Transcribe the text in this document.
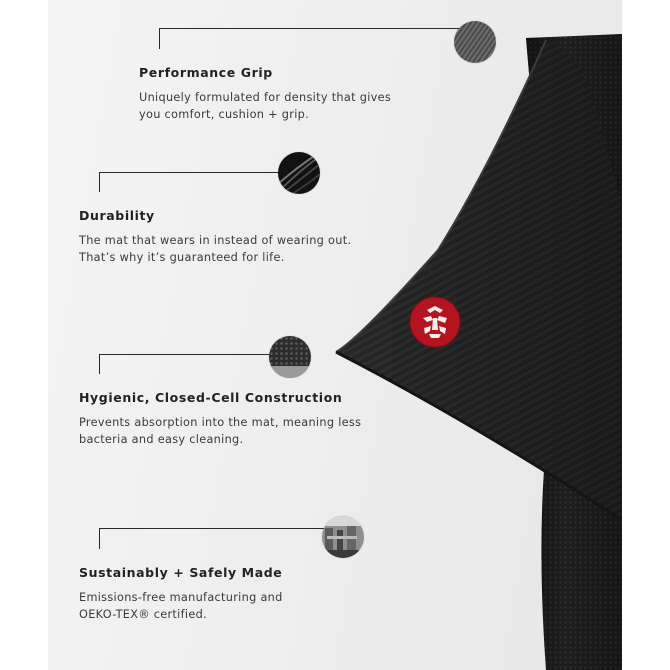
Performance Grip
Uniquely formulated for density that gives
you comfort, cushion + grip.
Durability
The mat that wears in instead of wearing out.
That’s why it’s guaranteed for life.
Hygienic, Closed-Cell Construction
Prevents absorption into the mat, meaning less
bacteria and easy cleaning.
Sustainably + Safely Made
Emissions-free manufacturing and
OEKO-TEX® certified.
